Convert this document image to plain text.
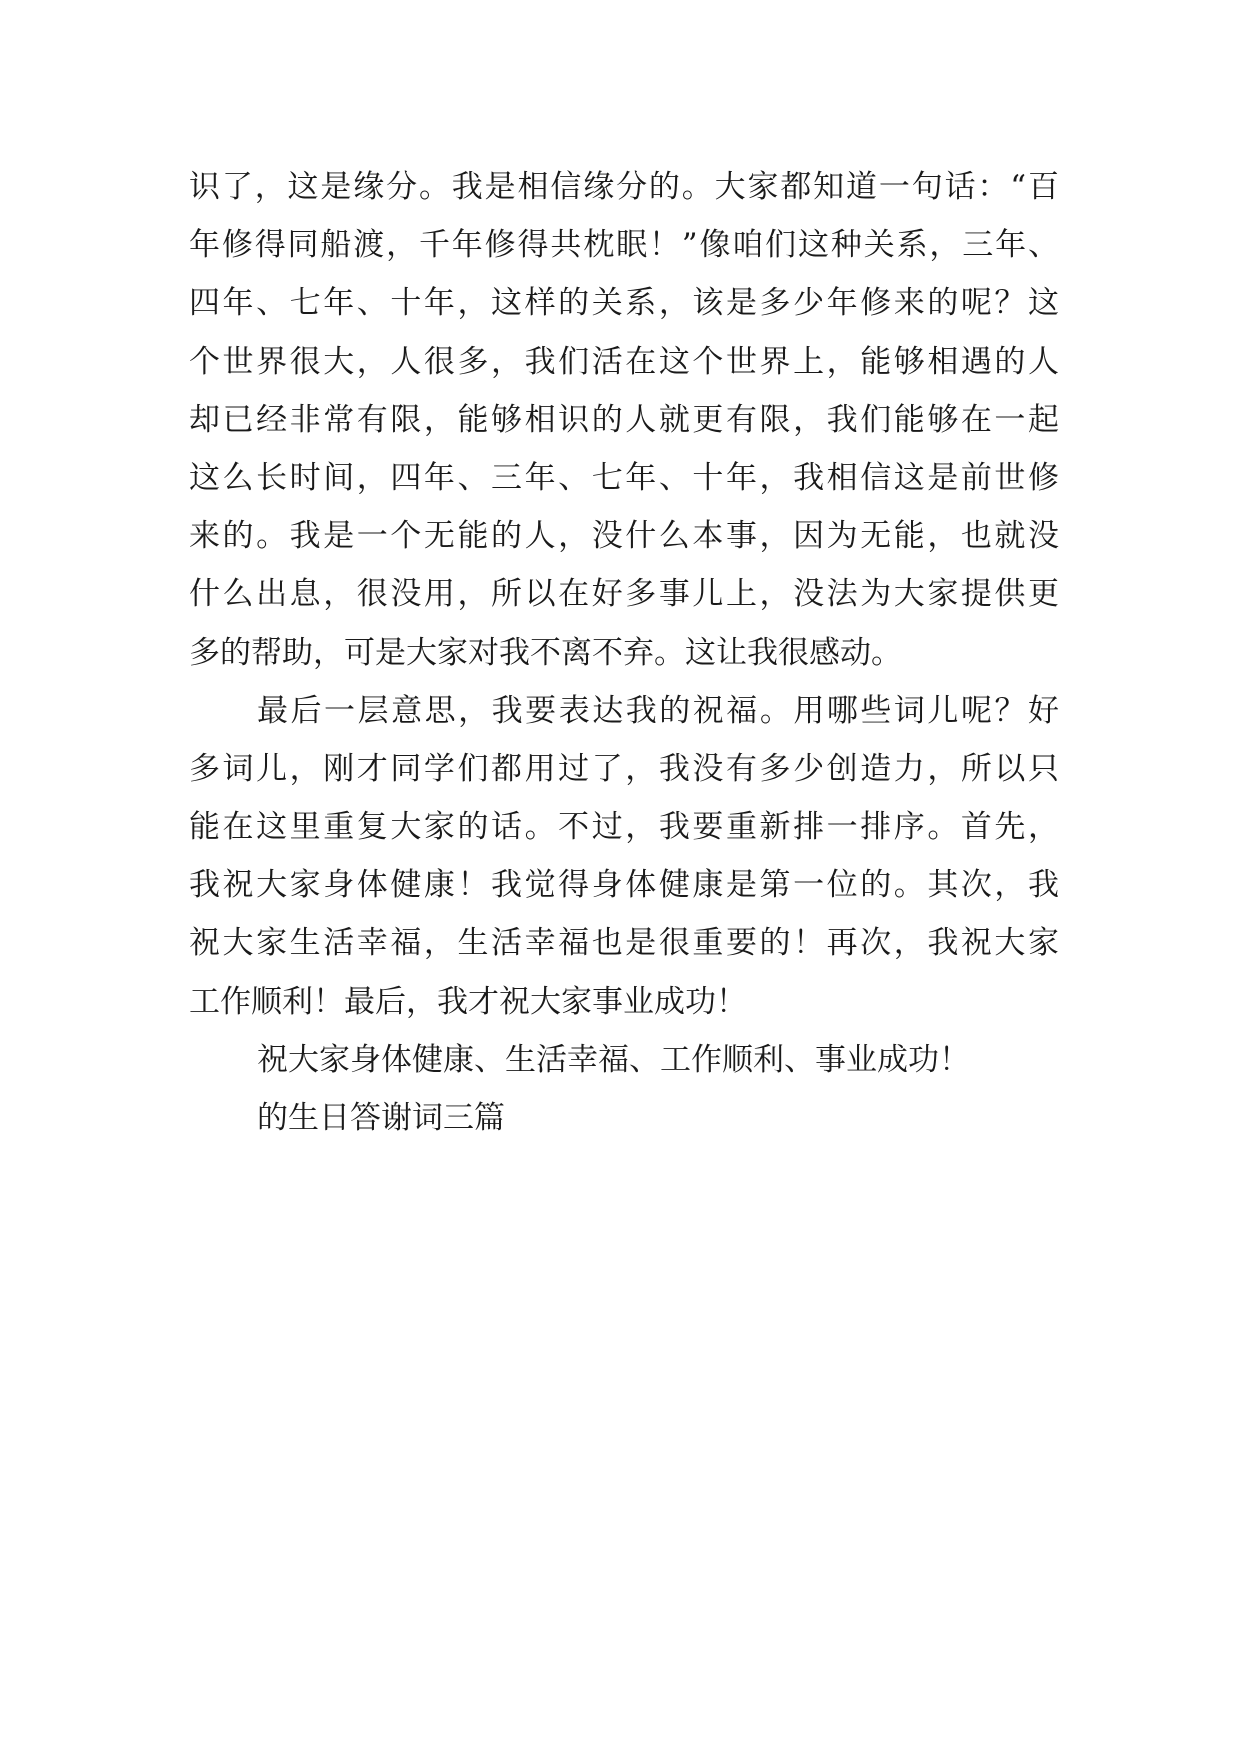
识了，这是缘分。我是相信缘分的。大家都知道一句话：“百
年修得同船渡，千年修得共枕眠！”像咱们这种关系，三年、
四年、七年、十年，这样的关系，该是多少年修来的呢？这
个世界很大，人很多，我们活在这个世界上，能够相遇的人
却已经非常有限，能够相识的人就更有限，我们能够在一起
这么长时间，四年、三年、七年、十年，我相信这是前世修
来的。我是一个无能的人，没什么本事，因为无能，也就没
什么出息，很没用，所以在好多事儿上，没法为大家提供更
多的帮助，可是大家对我不离不弃。这让我很感动。
最后一层意思，我要表达我的祝福。用哪些词儿呢？好
多词儿，刚才同学们都用过了，我没有多少创造力，所以只
能在这里重复大家的话。不过，我要重新排一排序。首先，
我祝大家身体健康！我觉得身体健康是第一位的。其次，我
祝大家生活幸福，生活幸福也是很重要的！再次，我祝大家
工作顺利！最后，我才祝大家事业成功！
祝大家身体健康、生活幸福、工作顺利、事业成功！
的生日答谢词三篇
